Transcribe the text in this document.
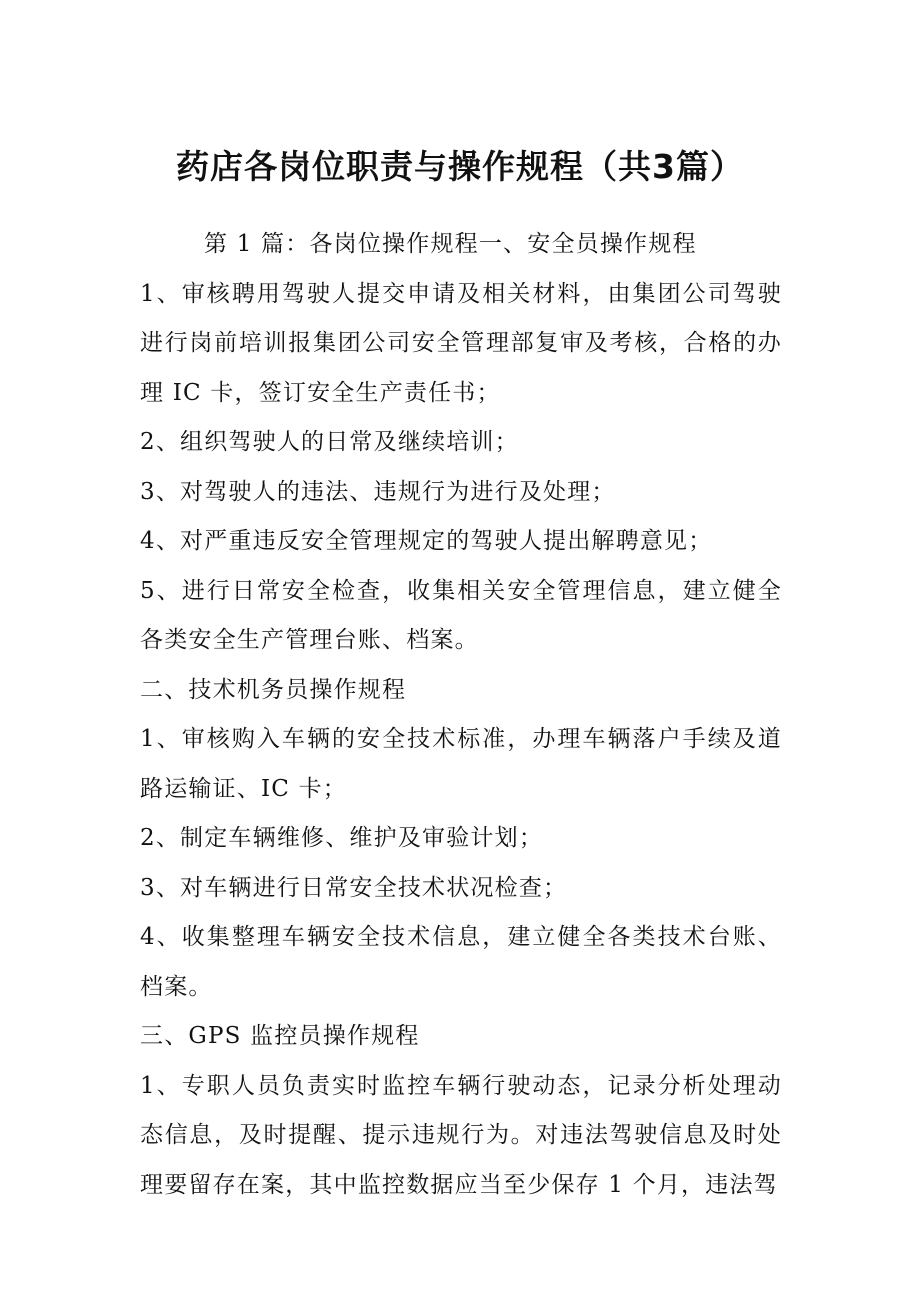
药店各岗位职责与操作规程（共3篇）

第 1 篇：各岗位操作规程一、安全员操作规程

1、审核聘用驾驶人提交申请及相关材料，由集团公司驾驶进行岗前培训报集团公司安全管理部复审及考核，合格的办理 IC 卡，签订安全生产责任书；

2、组织驾驶人的日常及继续培训；

3、对驾驶人的违法、违规行为进行及处理；

4、对严重违反安全管理规定的驾驶人提出解聘意见；

5、进行日常安全检查，收集相关安全管理信息，建立健全各类安全生产管理台账、档案。

二、技术机务员操作规程

1、审核购入车辆的安全技术标准，办理车辆落户手续及道路运输证、IC 卡；

2、制定车辆维修、维护及审验计划；

3、对车辆进行日常安全技术状况检查；

4、收集整理车辆安全技术信息，建立健全各类技术台账、档案。

三、GPS 监控员操作规程

1、专职人员负责实时监控车辆行驶动态，记录分析处理动态信息，及时提醒、提示违规行为。对违法驾驶信息及时处理要留存在案，其中监控数据应当至少保存 1 个月，违法驾
